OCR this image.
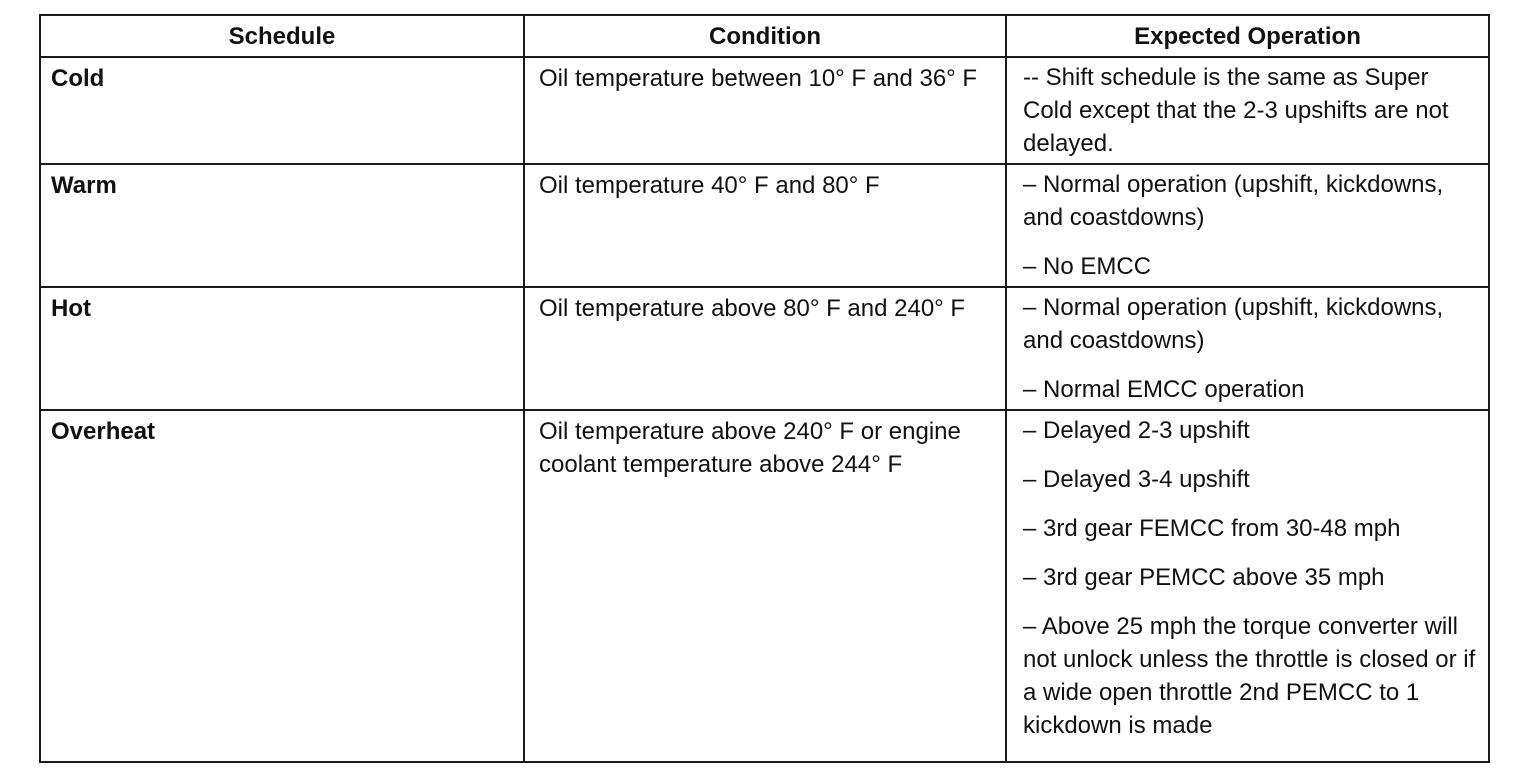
Schedule	Condition	Expected Operation
Cold	Oil temperature between 10° F and 36° F	-- Shift schedule is the same as Super Cold except that the 2-3 upshifts are not delayed.

Warm	Oil temperature 40° F and 80° F	– Normal operation (upshift, kickdowns, and coastdowns)
– No EMCC

Hot	Oil temperature above 80° F and 240° F	– Normal operation (upshift, kickdowns, and coastdowns)
– Normal EMCC operation

Overheat	Oil temperature above 240° F or engine coolant temperature above 244° F	– Delayed 2-3 upshift
– Delayed 3-4 upshift
– 3rd gear FEMCC from 30-48 mph
– 3rd gear PEMCC above 35 mph
– Above 25 mph the torque converter will not unlock unless the throttle is closed or if a wide open throttle 2nd PEMCC to 1 kickdown is made
